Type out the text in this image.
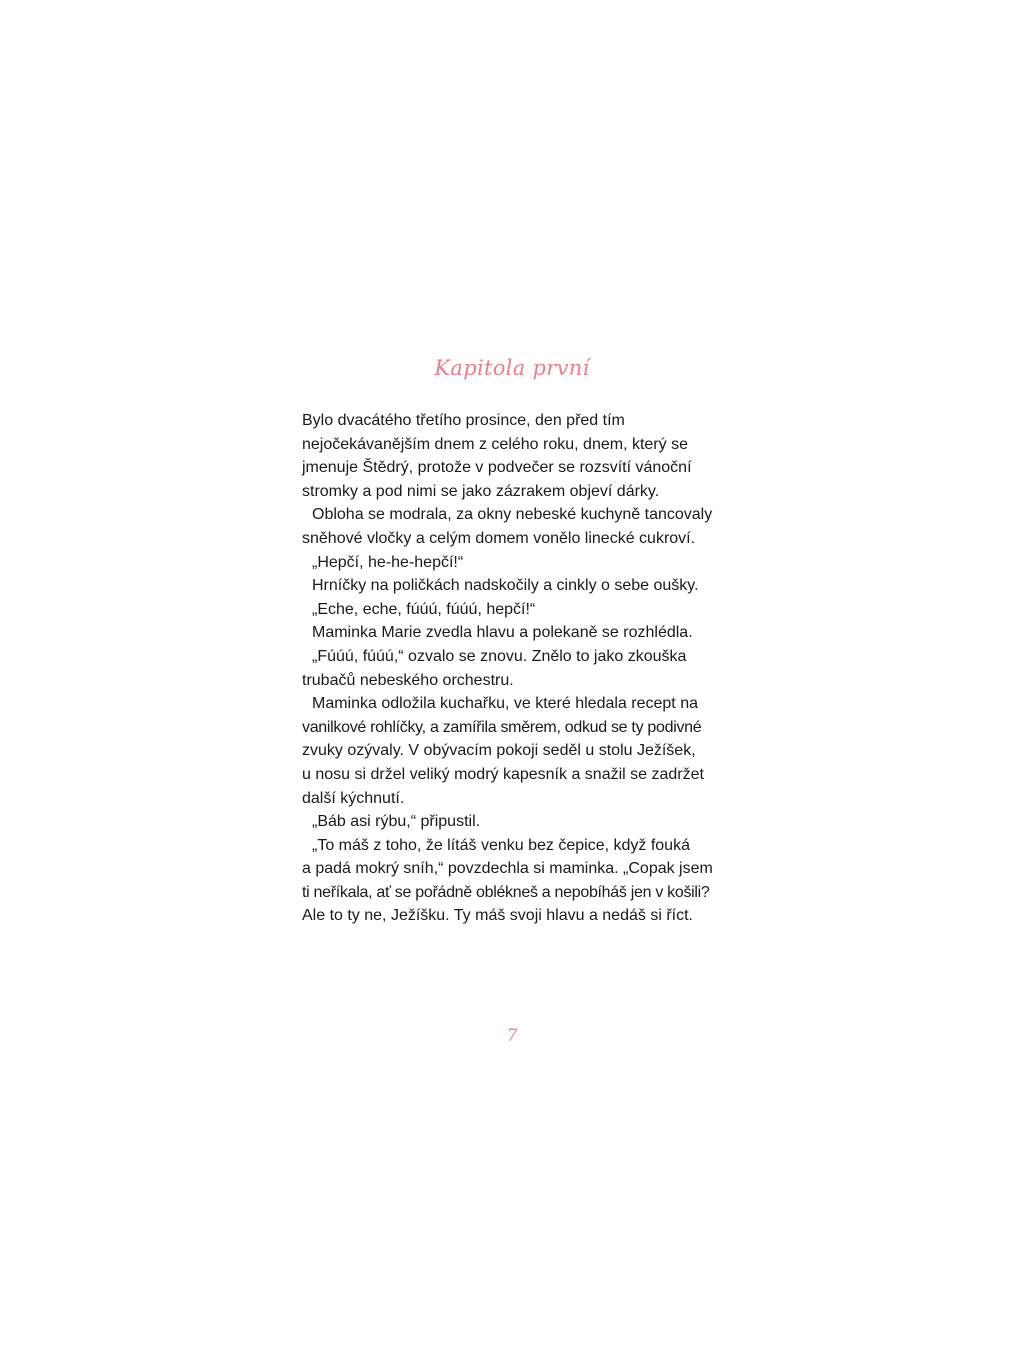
Kapitola první
Bylo dvacátého třetího prosince, den před tím
nejočekávanějším dnem z celého roku, dnem, který se
jmenuje Štědrý, protože v podvečer se rozsvítí vánoční
stromky a pod nimi se jako zázrakem objeví dárky.
Obloha se modrala, za okny nebeské kuchyně tancovaly
sněhové vločky a celým domem vonělo linecké cukroví.
„Hepčí, he-he-hepčí!“
Hrníčky na poličkách nadskočily a cinkly o sebe oušky.
„Eche, eche, fúúú, fúúú, hepčí!“
Maminka Marie zvedla hlavu a polekaně se rozhlédla.
„Fúúú, fúúú,“ ozvalo se znovu. Znělo to jako zkouška
trubačů nebeského orchestru.
Maminka odložila kuchařku, ve které hledala recept na
vanilkové rohlíčky, a zamířila směrem, odkud se ty podivné
zvuky ozývaly. V obývacím pokoji seděl u stolu Ježíšek,
u nosu si držel veliký modrý kapesník a snažil se zadržet
další kýchnutí.
„Báb asi rýbu,“ připustil.
„To máš z toho, že lítáš venku bez čepice, když fouká
a padá mokrý sníh,“ povzdechla si maminka. „Copak jsem
ti neříkala, ať se pořádně oblékneš a nepobíháš jen v košili?
Ale to ty ne, Ježíšku. Ty máš svoji hlavu a nedáš si říct.
7
